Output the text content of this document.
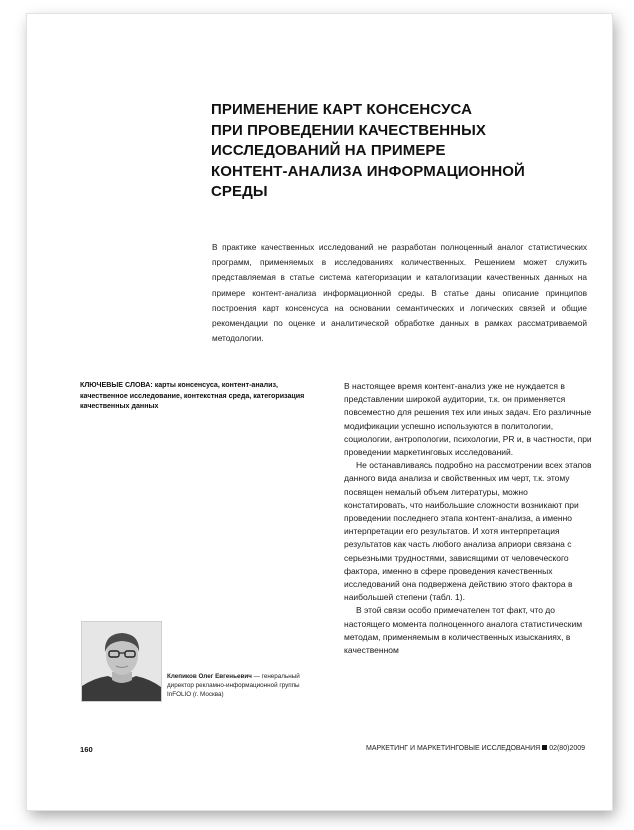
ПРИМЕНЕНИЕ КАРТ КОНСЕНСУСА
ПРИ ПРОВЕДЕНИИ КАЧЕСТВЕННЫХ
ИССЛЕДОВАНИЙ НА ПРИМЕРЕ
КОНТЕНТ-АНАЛИЗА ИНФОРМАЦИОННОЙ
СРЕДЫ
В практике качественных исследований не разработан полноценный аналог статистических программ, применяемых в исследованиях количественных. Решением может служить представляемая в статье система категоризации и каталогизации качественных данных на примере контент-анализа информационной среды. В статье даны описание принципов построения карт консенсуса на основании семантических и логических связей и общие рекомендации по оценке и аналитической обработке данных в рамках рассматриваемой методологии.
КЛЮЧЕВЫЕ СЛОВА: карты консенсуса, контент-анализ, качественное исследование, контекстная среда, категоризация качественных данных

В настоящее время контент-анализ уже не нуждается в представлении широкой аудитории, т.к. он применяется повсеместно для решения тех или иных задач. Его различные модификации успешно используются в политологии, социологии, антропологии, психологии, PR и, в частности, при проведении маркетинговых исследований.

Не останавливаясь подробно на рассмотрении всех этапов данного вида анализа и свойственных им черт, т.к. этому посвящен немалый объем литературы, можно констатировать, что наибольшие сложности возникают при проведении последнего этапа контент-анализа, а именно интерпретации его результатов. И хотя интерпретация результатов как часть любого анализа априори связана с серьезными трудностями, зависящими от человеческого фактора, именно в сфере проведения качественных исследований она подвержена действию этого фактора в наибольшей степени (табл. 1).

В этой связи особо примечателен тот факт, что до настоящего момента полноценного аналога статистическим методам, применяемым в количественных изысканиях, в качественном

Клепиков Олег Евгеньевич — генеральный директор рекламно-информационной группы InFOLIO (г. Москва)
160	МАРКЕТИНГ И МАРКЕТИНГОВЫЕ ИССЛЕДОВАНИЯ 02(80)2009
